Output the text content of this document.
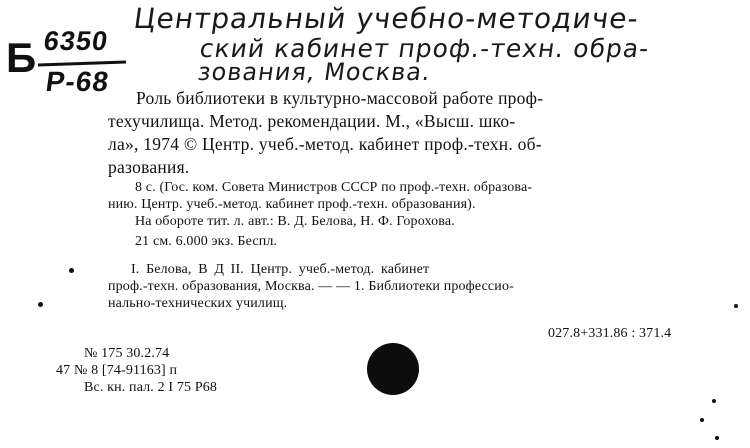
Б 6350
Р-68
Центральный учебно-методиче-
ский кабинет проф.-техн. обра-
зования, Москва.
Роль библиотеки в культурно-массовой работе проф-
техучилища. Метод. рекомендации. М., «Высш. шко-
ла», 1974 © Центр. учеб.-метод. кабинет проф.-техн. об-
разования.
8 с. (Гос. ком. Совета Министров СССР по проф.-техн. образова-
нию. Центр. учеб.-метод. кабинет проф.-техн. образования).
На обороте тит. л. авт.: В. Д. Белова, Н. Ф. Горохова.
21 см. 6.000 экз. Беспл.
I. Белова, В Д II. Центр. учеб.-метод. кабинет
проф.-техн. образования, Москва. — — 1. Библиотеки профессио-
нально-технических училищ.
027.8+331.86 : 371.4
№ 175 30.2.74
47 № 8 [74-91163] п
Вс. кн. пал. 2 I 75 Р68
